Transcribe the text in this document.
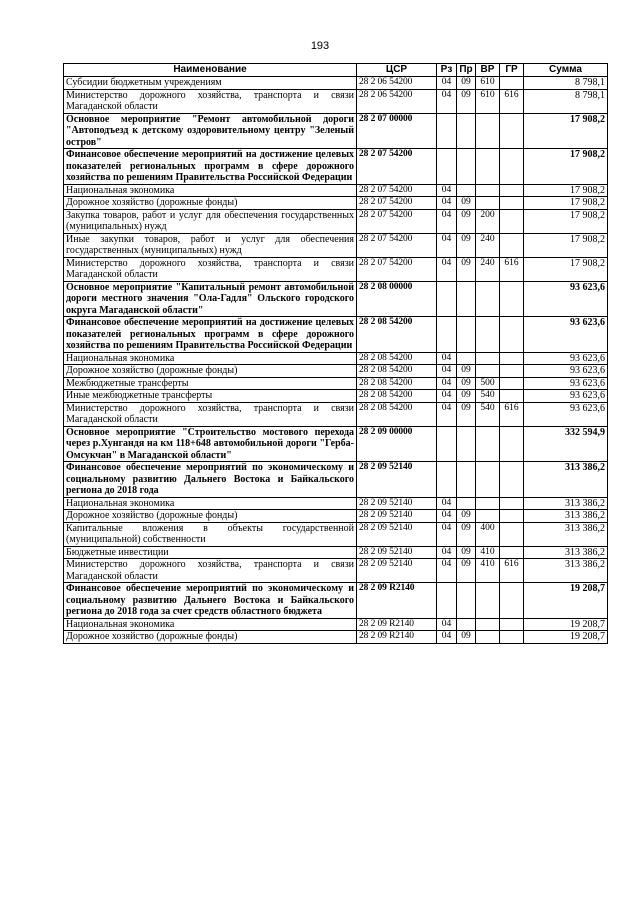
193
Наименование	ЦСР	Рз	Пр	ВР	ГР	Сумма
Субсидии бюджетным учреждениям	28 2 06 54200	04	09	610		8 798,1
Министерство дорожного хозяйства, транспорта и связи Магаданской области	28 2 06 54200	04	09	610	616	8 798,1
Основное мероприятие "Ремонт автомобильной дороги "Автоподъезд к детскому оздоровительному центру "Зеленый остров"	28 2 07 00000					17 908,2
Финансовое обеспечение мероприятий на достижение целевых показателей региональных программ в сфере дорожного хозяйства по решениям Правительства Российской Федерации	28 2 07 54200					17 908,2
Национальная экономика	28 2 07 54200	04				17 908,2
Дорожное хозяйство (дорожные фонды)	28 2 07 54200	04	09			17 908,2
Закупка товаров, работ и услуг для обеспечения государственных (муниципальных) нужд	28 2 07 54200	04	09	200		17 908,2
Иные закупки товаров, работ и услуг для обеспечения государственных (муниципальных) нужд	28 2 07 54200	04	09	240		17 908,2
Министерство дорожного хозяйства, транспорта и связи Магаданской области	28 2 07 54200	04	09	240	616	17 908,2
Основное мероприятие "Капитальный ремонт автомобильной дороги местного значения "Ола-Гадля" Ольского городского округа Магаданской области"	28 2 08 00000					93 623,6
Финансовое обеспечение мероприятий на достижение целевых показателей региональных программ в сфере дорожного хозяйства по решениям Правительства Российской Федерации	28 2 08 54200					93 623,6
Национальная экономика	28 2 08 54200	04				93 623,6
Дорожное хозяйство (дорожные фонды)	28 2 08 54200	04	09			93 623,6
Межбюджетные трансферты	28 2 08 54200	04	09	500		93 623,6
Иные межбюджетные трансферты	28 2 08 54200	04	09	540		93 623,6
Министерство дорожного хозяйства, транспорта и связи Магаданской области	28 2 08 54200	04	09	540	616	93 623,6
Основное мероприятие "Строительство мостового перехода через р.Хунгандя на км 118+648 автомобильной дороги "Герба-Омсукчан" в Магаданской области"	28 2 09 00000					332 594,9
Финансовое обеспечение мероприятий по экономическому и социальному развитию Дальнего Востока и Байкальского региона до 2018 года	28 2 09 52140					313 386,2
Национальная экономика	28 2 09 52140	04				313 386,2
Дорожное хозяйство (дорожные фонды)	28 2 09 52140	04	09			313 386,2
Капитальные вложения в объекты государственной (муниципальной) собственности	28 2 09 52140	04	09	400		313 386,2
Бюджетные инвестиции	28 2 09 52140	04	09	410		313 386,2
Министерство дорожного хозяйства, транспорта и связи Магаданской области	28 2 09 52140	04	09	410	616	313 386,2
Финансовое обеспечение мероприятий по экономическому и социальному развитию Дальнего Востока и Байкальского региона до 2018 года за счет средств областного бюджета	28 2 09 R2140					19 208,7
Национальная экономика	28 2 09 R2140	04				19 208,7
Дорожное хозяйство (дорожные фонды)	28 2 09 R2140	04	09			19 208,7
